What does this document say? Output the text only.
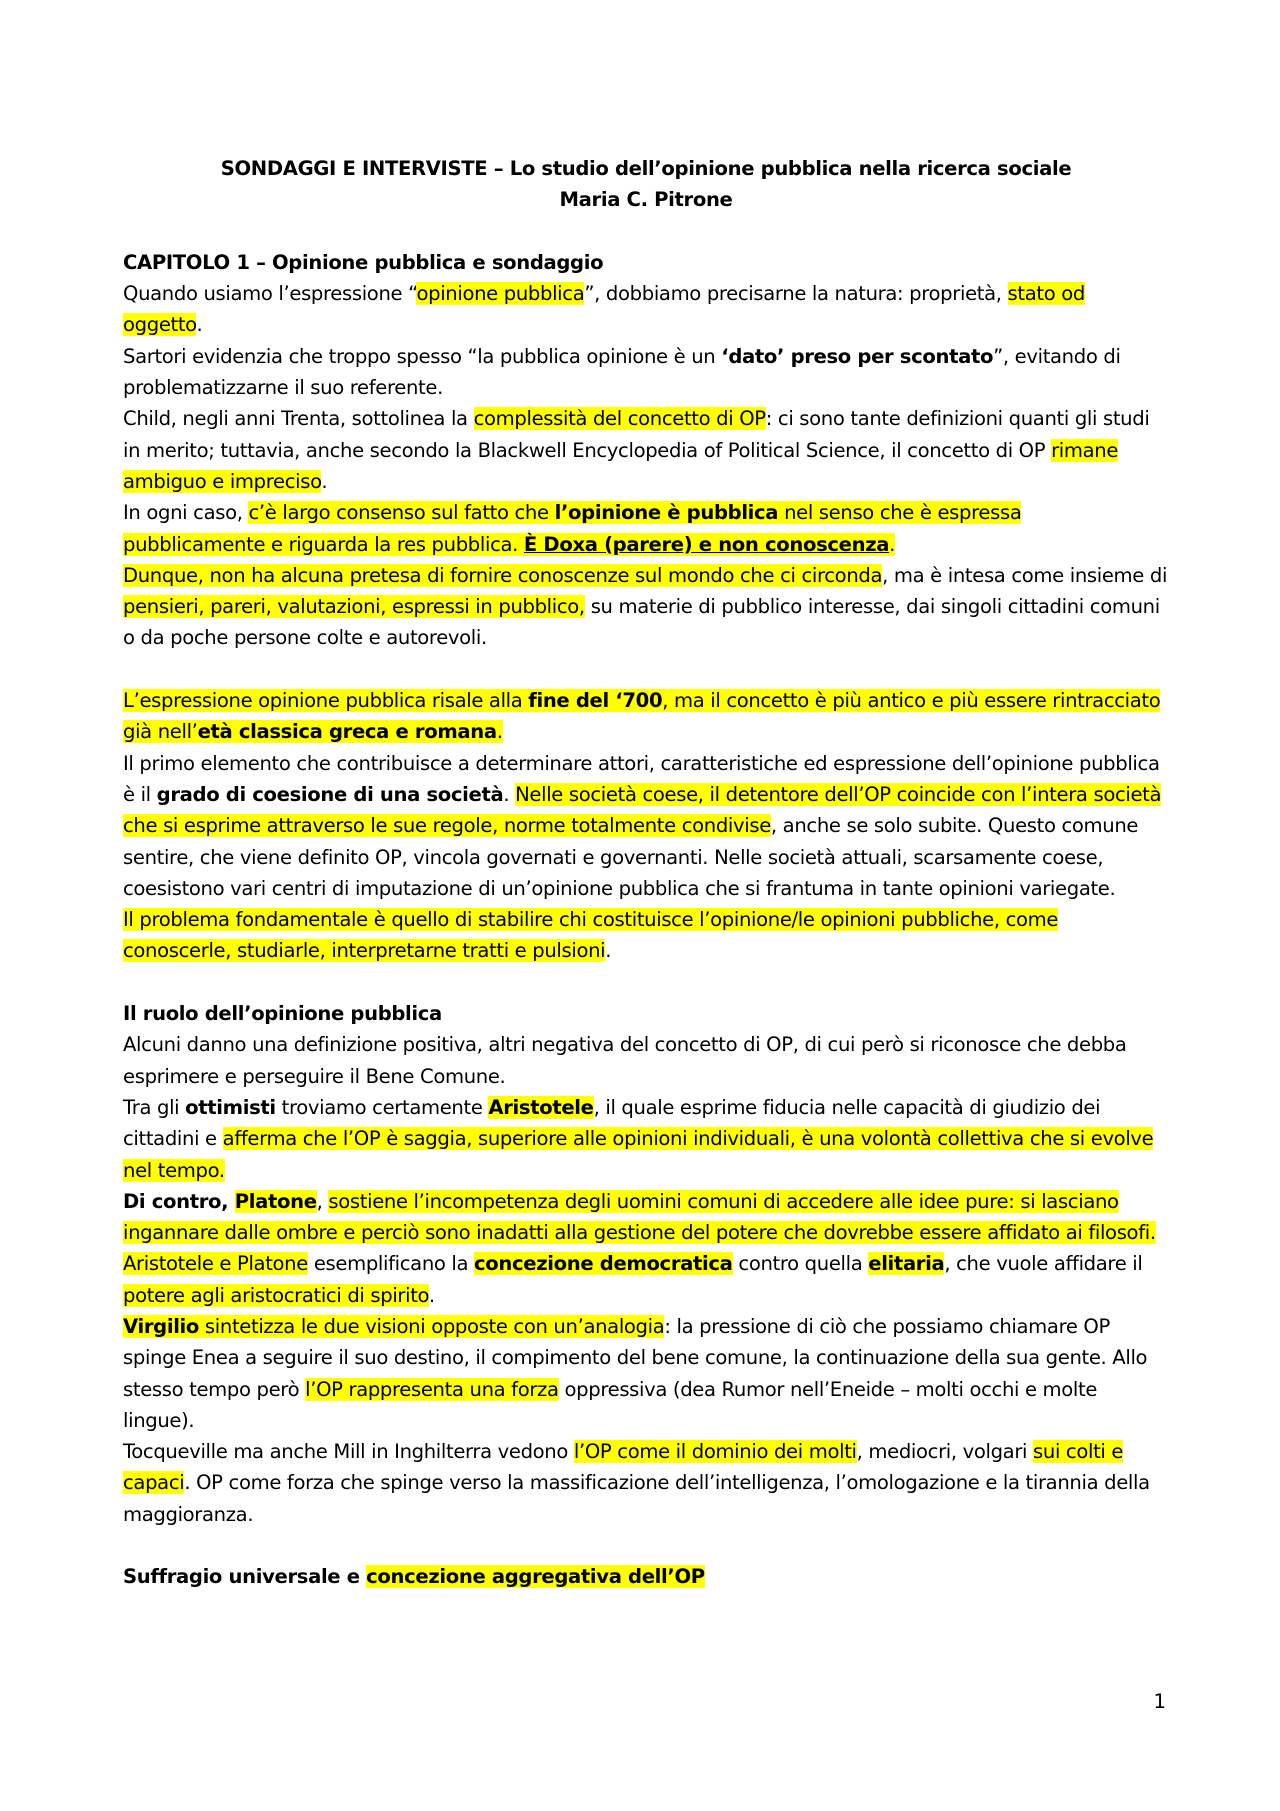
SONDAGGI E INTERVISTE – Lo studio dell’opinione pubblica nella ricerca sociale

Maria C. Pitrone

CAPITOLO 1 – Opinione pubblica e sondaggio

Quando usiamo l’espressione “opinione pubblica”, dobbiamo precisarne la natura: proprietà, stato od oggetto.

Sartori evidenzia che troppo spesso “la pubblica opinione è un ‘dato’ preso per scontato”, evitando di problematizzarne il suo referente.

Child, negli anni Trenta, sottolinea la complessità del concetto di OP: ci sono tante definizioni quanti gli studi in merito; tuttavia, anche secondo la Blackwell Encyclopedia of Political Science, il concetto di OP rimane ambiguo e impreciso.

In ogni caso, c’è largo consenso sul fatto che l’opinione è pubblica nel senso che è espressa pubblicamente e riguarda la res pubblica. È Doxa (parere) e non conoscenza.

Dunque, non ha alcuna pretesa di fornire conoscenze sul mondo che ci circonda, ma è intesa come insieme di pensieri, pareri, valutazioni, espressi in pubblico, su materie di pubblico interesse, dai singoli cittadini comuni o da poche persone colte e autorevoli.

L’espressione opinione pubblica risale alla fine del ‘700, ma il concetto è più antico e più essere rintracciato già nell’età classica greca e romana.

Il primo elemento che contribuisce a determinare attori, caratteristiche ed espressione dell’opinione pubblica è il grado di coesione di una società. Nelle società coese, il detentore dell’OP coincide con l’intera società che si esprime attraverso le sue regole, norme totalmente condivise, anche se solo subite. Questo comune sentire, che viene definito OP, vincola governati e governanti. Nelle società attuali, scarsamente coese, coesistono vari centri di imputazione di un’opinione pubblica che si frantuma in tante opinioni variegate.

Il problema fondamentale è quello di stabilire chi costituisce l’opinione/le opinioni pubbliche, come conoscerle, studiarle, interpretarne tratti e pulsioni.

Il ruolo dell’opinione pubblica

Alcuni danno una definizione positiva, altri negativa del concetto di OP, di cui però si riconosce che debba esprimere e perseguire il Bene Comune.

Tra gli ottimisti troviamo certamente Aristotele, il quale esprime fiducia nelle capacità di giudizio dei cittadini e afferma che l’OP è saggia, superiore alle opinioni individuali, è una volontà collettiva che si evolve nel tempo.

Di contro, Platone, sostiene l’incompetenza degli uomini comuni di accedere alle idee pure: si lasciano ingannare dalle ombre e perciò sono inadatti alla gestione del potere che dovrebbe essere affidato ai filosofi.

Aristotele e Platone esemplificano la concezione democratica contro quella elitaria, che vuole affidare il potere agli aristocratici di spirito.

Virgilio sintetizza le due visioni opposte con un’analogia: la pressione di ciò che possiamo chiamare OP spinge Enea a seguire il suo destino, il compimento del bene comune, la continuazione della sua gente. Allo stesso tempo però l’OP rappresenta una forza oppressiva (dea Rumor nell’Eneide – molti occhi e molte lingue).

Tocqueville ma anche Mill in Inghilterra vedono l’OP come il dominio dei molti, mediocri, volgari sui colti e capaci. OP come forza che spinge verso la massificazione dell’intelligenza, l’omologazione e la tirannia della maggioranza.

Suffragio universale e concezione aggregativa dell’OP

1
